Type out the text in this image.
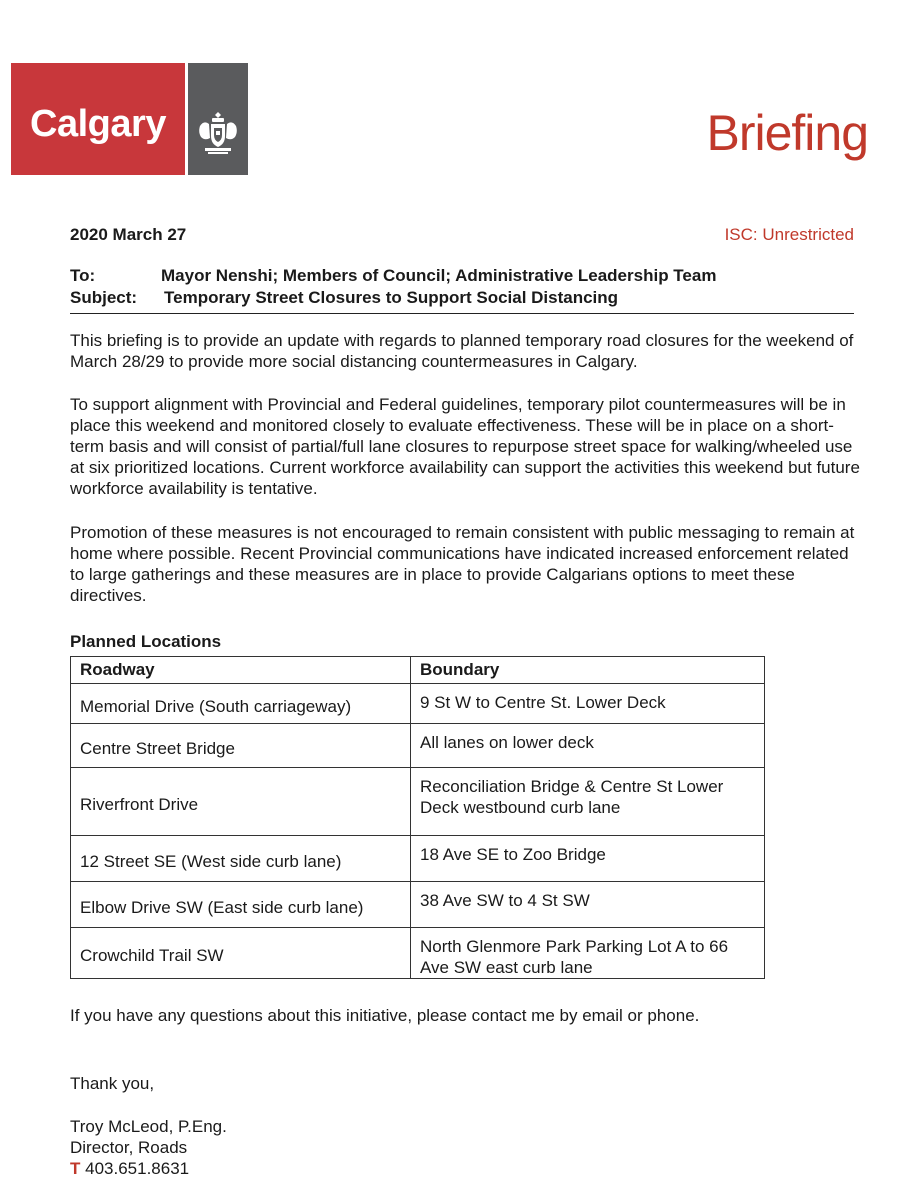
Calgary	Briefing
2020 March 27	ISC: Unrestricted
To:	Mayor Nenshi; Members of Council; Administrative Leadership Team
Subject: Temporary Street Closures to Support Social Distancing
This briefing is to provide an update with regards to planned temporary road closures for the weekend of March 28/29 to provide more social distancing countermeasures in Calgary.
To support alignment with Provincial and Federal guidelines, temporary pilot countermeasures will be in place this weekend and monitored closely to evaluate effectiveness. These will be in place on a short-term basis and will consist of partial/full lane closures to repurpose street space for walking/wheeled use at six prioritized locations. Current workforce availability can support the activities this weekend but future workforce availability is tentative.
Promotion of these measures is not encouraged to remain consistent with public messaging to remain at home where possible. Recent Provincial communications have indicated increased enforcement related to large gatherings and these measures are in place to provide Calgarians options to meet these directives.
Planned Locations
Roadway	Boundary
Memorial Drive (South carriageway)	9 St W to Centre St. Lower Deck
Centre Street Bridge	All lanes on lower deck
Riverfront Drive	Reconciliation Bridge & Centre St Lower Deck westbound curb lane
12 Street SE (West side curb lane)	18 Ave SE to Zoo Bridge
Elbow Drive SW (East side curb lane)	38 Ave SW to 4 St SW
Crowchild Trail SW	North Glenmore Park Parking Lot A to 66 Ave SW east curb lane
If you have any questions about this initiative, please contact me by email or phone.
Thank you,
Troy McLeod, P.Eng.
Director, Roads
T 403.651.8631
